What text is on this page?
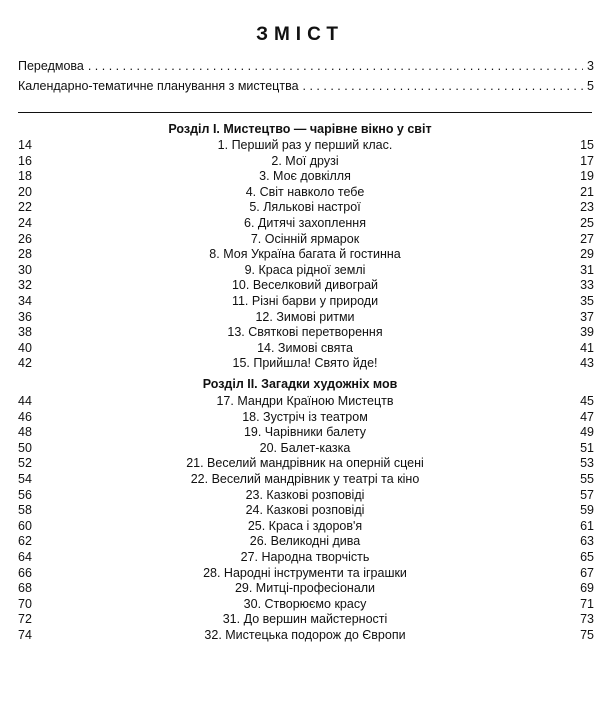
ЗМІСТ
Передмова . . .	3
Календарно-тематичне планування з мистецтва . . .	5
Розділ І. Мистецтво — чарівне вікно у світ
14	1. Перший раз у перший клас.	15
16	2. Мої друзі	17
18	3. Моє довкілля	19
20	4. Світ навколо тебе	21
22	5. Лялькові настрої	23
24	6. Дитячі захоплення	25
26	7. Осінній ярмарок	27
28	8. Моя Україна багата й гостинна	29
30	9. Краса рідної землі	31
32	10. Веселковий дивограй	33
34	11. Різні барви у природи	35
36	12. Зимові ритми	37
38	13. Святкові перетворення	39
40	14. Зимові свята	41
42	15. Прийшла! Свято йде!	43
Розділ ІІ. Загадки художніх мов
44	17. Мандри Країною Мистецтв	45
46	18. Зустріч із театром	47
48	19. Чарівники балету	49
50	20. Балет-казка	51
52	21. Веселий мандрівник на оперній сцені	53
54	22. Веселий мандрівник у театрі та кіно	55
56	23. Казкові розповіді	57
58	24. Казкові розповіді	59
60	25. Краса і здоров'я	61
62	26. Великодні дива	63
64	27. Народна творчість	65
66	28. Народні інструменти та іграшки	67
68	29. Митці-професіонали	69
70	30. Створюємо красу	71
72	31. До вершин майстерності	73
74	32. Мистецька подорож до Європи	75
